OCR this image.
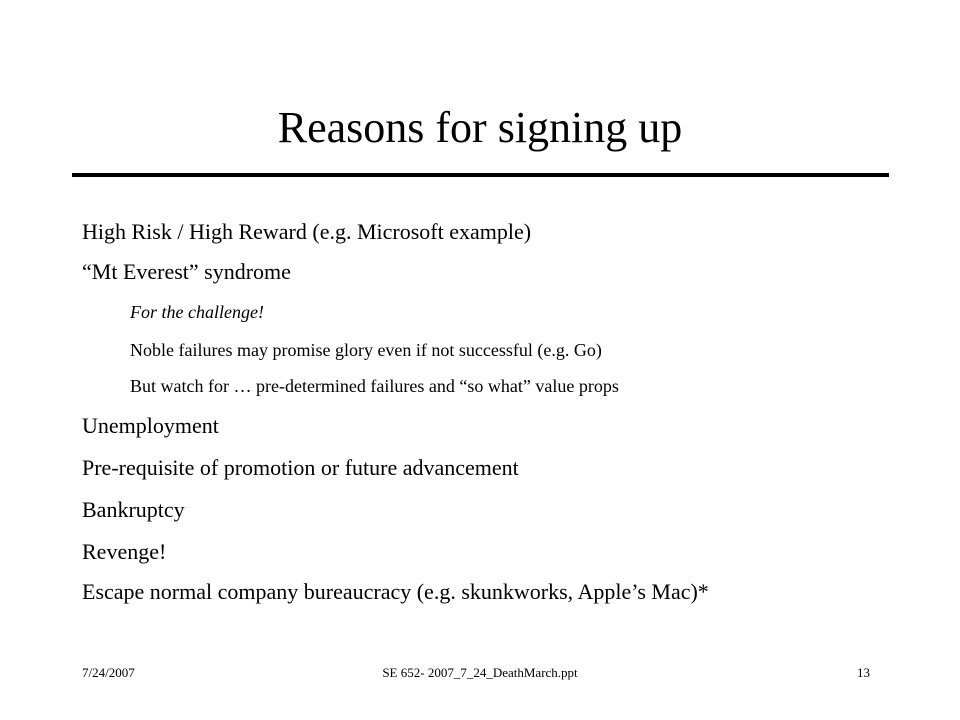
Reasons for signing up
High Risk / High Reward (e.g. Microsoft example)
“Mt Everest” syndrome
For the challenge!
Noble failures may promise glory even if not successful (e.g. Go)
But watch for … pre-determined failures and “so what” value props
Unemployment
Pre-requisite of promotion or future advancement
Bankruptcy
Revenge!
Escape normal company bureaucracy (e.g. skunkworks, Apple’s Mac)*
7/24/2007	SE 652- 2007_7_24_DeathMarch.ppt	13
